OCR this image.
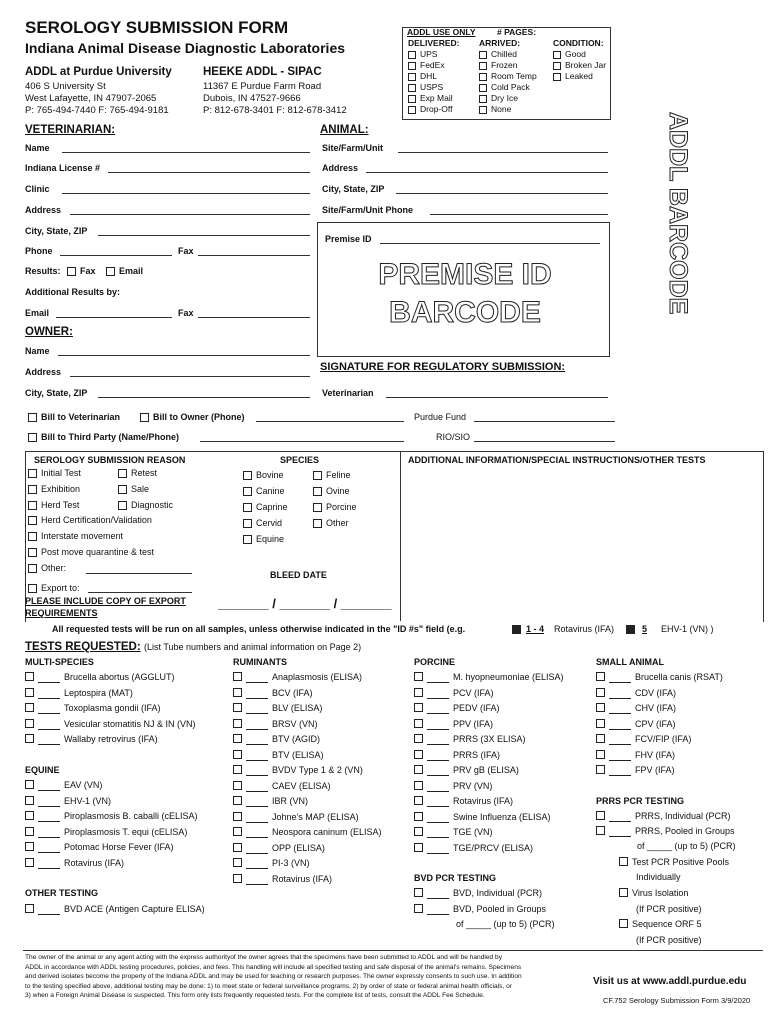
SEROLOGY SUBMISSION FORM
Indiana Animal Disease Diagnostic Laboratories
ADDL at Purdue University
406 S University St
West Lafayette, IN 47907-2065
P: 765-494-7440 F: 765-494-9181
HEEKE ADDL - SIPAC
11367 E Purdue Farm Road
Dubois, IN 47527-9666
P: 812-678-3401 F: 812-678-3412
ADDL USE ONLY	# PAGES:
DELIVERED: ARRIVED:	CONDITION:
UPS
FedEx
DHL
USPS
Exp Mail
Drop-Off
Chilled
Frozen
Room Temp
Cold Pack
Dry Ice
None
Good
Broken Jar
Leaked
ADDL BARCODE
VETERINARIAN:
Name
Indiana License #
Clinic
Address
City, State, ZIP
Phone	Fax
Results: Fax	Email
Additional Results by:
Email	Fax
OWNER:
Name
Address
City, State, ZIP
ANIMAL:
Site/Farm/Unit
Address
City, State, ZIP
Site/Farm/Unit Phone
Premise ID
PREMISE ID
BARCODE
SIGNATURE FOR REGULATORY SUBMISSION:
Veterinarian
Bill to Veterinarian	Bill to Owner (Phone)	Purdue Fund
Bill to Third Party (Name/Phone)	RIO/SIO
SEROLOGY SUBMISSION REASON
Initial Test
Exhibition
Herd Test
Retest
Sale
Diagnostic
Herd Certification/Validation
Interstate movement
Post move quarantine & test
Other:
Export to:
PLEASE INCLUDE COPY OF EXPORT
REQUIREMENTS
SPECIES
Bovine
Canine
Caprine
Cervid
Equine
Feline
Ovine
Porcine
Other
BLEED DATE
_______ / _______ / _______
ADDITIONAL INFORMATION/SPECIAL INSTRUCTIONS/OTHER TESTS
All requested tests will be run on all samples, unless otherwise indicated in the "ID #s" field (e.g.	1 - 4 Rotavirus (IFA)	5 EHV-1 (VN) )
TESTS REQUESTED: (List Tube numbers and animal information on Page 2)
MULTI-SPECIES	RUMINANTS	PORCINE	SMALL ANIMAL
EQUINE
OTHER TESTING
BVD PCR TESTING
PRRS PCR TESTING
Brucella abortus (AGGLUT)
Leptospira (MAT)
Toxoplasma gondii (IFA)
Vesicular stomatitis NJ & IN (VN)
Wallaby retrovirus (IFA)
EAV (VN)
EHV-1 (VN)
Piroplasmosis B. caballi (cELISA)
Piroplasmosis T. equi (cELISA)
Potomac Horse Fever (IFA)
Rotavirus (IFA)
BVD ACE (Antigen Capture ELISA)
Anaplasmosis (ELISA)
BCV (IFA)
BLV (ELISA)
BRSV (VN)
BTV (AGID)
BTV (ELISA)
BVDV Type 1 & 2 (VN)
CAEV (ELISA)
IBR (VN)
Johne's MAP (ELISA)
Neospora caninum (ELISA)
OPP (ELISA)
PI-3 (VN)
Rotavirus (IFA)
M. hyopneumoniae (ELISA)
PCV (IFA)
PEDV (IFA)
PPV (IFA)
PRRS (3X ELISA)
PRRS (IFA)
PRV gB (ELISA)
PRV (VN)
Rotavirus (IFA)
Swine Influenza (ELISA)
TGE (VN)
TGE/PRCV (ELISA)
Brucella canis (RSAT)
CDV (IFA)
CHV (IFA)
CPV (IFA)
FCV/FIP (IFA)
FHV (IFA)
FPV (IFA)
BVD, Individual (PCR)
BVD, Pooled in Groups
of _____ (up to 5) (PCR)
PRRS, Individual (PCR)
PRRS, Pooled in Groups
of _____ (up to 5) (PCR)
Test PCR Positive Pools
Individually
Virus Isolation
(If PCR positive)
Sequence ORF 5
(If PCR positive)
The owner of the animal or any agent acting with the express authorityof the owner agrees that the specimens have been submitted to ADDL and will be handled by
ADDL in accordance with ADDL testing procedures, policies, and fees. This handling will include all specified testing and safe disposal of the animal's remains. Specimens
and derived isolates become the property of the Indiana ADDL and may be used for teaching or research purposes. The owner expressly consents to such use. In addition
to the testing specified above, additional testing may be done: 1) to meet state or federal surveillance programs, 2) by order of state or federal animal health officials, or
3) when a Foreign Animal Disease is suspected. This form only lists frequently requested tests. For the complete list of tests, consult the ADDL Fee Schedule.
Visit us at www.addl.purdue.edu
CF.752 Serology Submission Form 3/9/2020
